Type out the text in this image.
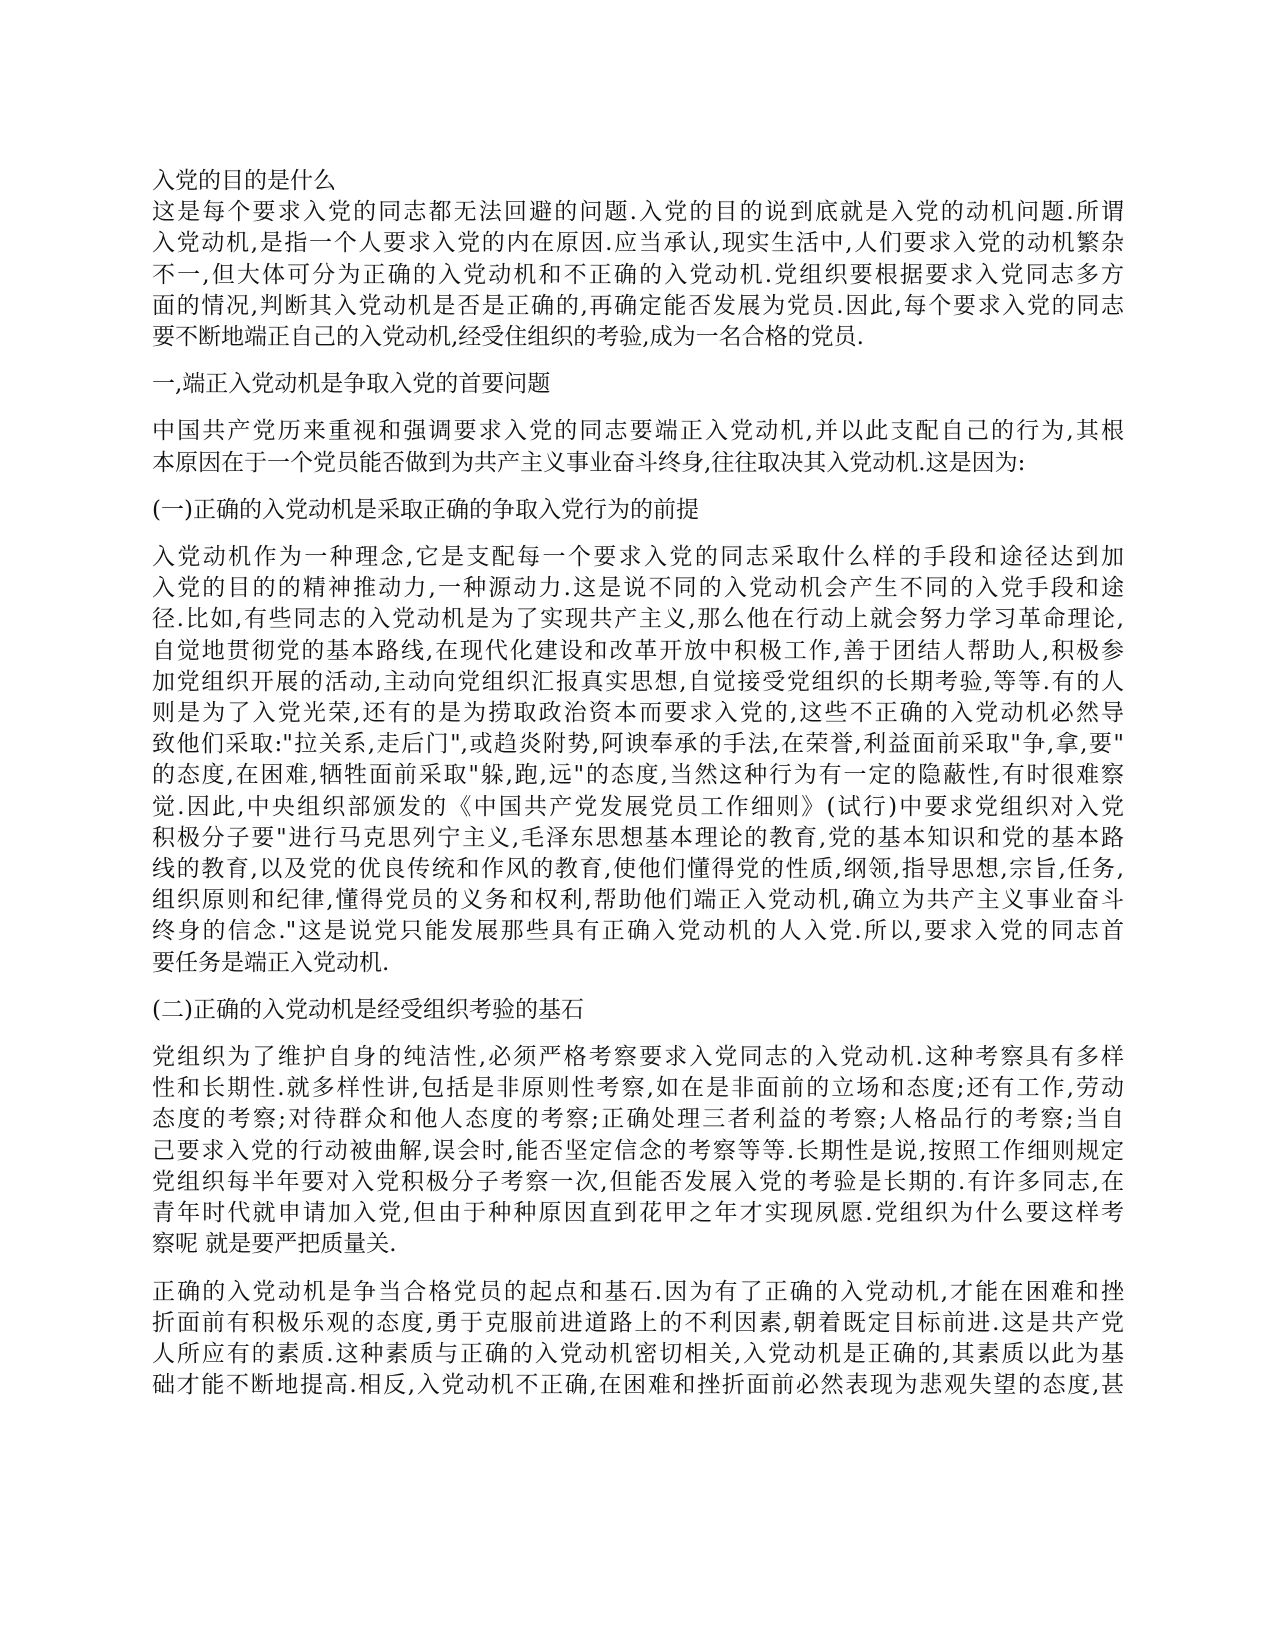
入党的目的是什么
这是每个要求入党的同志都无法回避的问题.入党的目的说到底就是入党的动机问题.所谓
入党动机,是指一个人要求入党的内在原因.应当承认,现实生活中,人们要求入党的动机繁杂
不一,但大体可分为正确的入党动机和不正确的入党动机.党组织要根据要求入党同志多方
面的情况,判断其入党动机是否是正确的,再确定能否发展为党员.因此,每个要求入党的同志
要不断地端正自己的入党动机,经受住组织的考验,成为一名合格的党员.
一,端正入党动机是争取入党的首要问题
中国共产党历来重视和强调要求入党的同志要端正入党动机,并以此支配自己的行为,其根
本原因在于一个党员能否做到为共产主义事业奋斗终身,往往取决其入党动机.这是因为:
(一)正确的入党动机是采取正确的争取入党行为的前提
入党动机作为一种理念,它是支配每一个要求入党的同志采取什么样的手段和途径达到加
入党的目的的精神推动力,一种源动力.这是说不同的入党动机会产生不同的入党手段和途
径.比如,有些同志的入党动机是为了实现共产主义,那么他在行动上就会努力学习革命理论,
自觉地贯彻党的基本路线,在现代化建设和改革开放中积极工作,善于团结人帮助人,积极参
加党组织开展的活动,主动向党组织汇报真实思想,自觉接受党组织的长期考验,等等.有的人
则是为了入党光荣,还有的是为捞取政治资本而要求入党的,这些不正确的入党动机必然导
致他们采取:"拉关系,走后门",或趋炎附势,阿谀奉承的手法,在荣誉,利益面前采取"争,拿,要"
的态度,在困难,牺牲面前采取"躲,跑,远"的态度,当然这种行为有一定的隐蔽性,有时很难察
觉.因此,中央组织部颁发的《中国共产党发展党员工作细则》(试行)中要求党组织对入党
积极分子要"进行马克思列宁主义,毛泽东思想基本理论的教育,党的基本知识和党的基本路
线的教育,以及党的优良传统和作风的教育,使他们懂得党的性质,纲领,指导思想,宗旨,任务,
组织原则和纪律,懂得党员的义务和权利,帮助他们端正入党动机,确立为共产主义事业奋斗
终身的信念."这是说党只能发展那些具有正确入党动机的人入党.所以,要求入党的同志首
要任务是端正入党动机.
(二)正确的入党动机是经受组织考验的基石
党组织为了维护自身的纯洁性,必须严格考察要求入党同志的入党动机.这种考察具有多样
性和长期性.就多样性讲,包括是非原则性考察,如在是非面前的立场和态度;还有工作,劳动
态度的考察;对待群众和他人态度的考察;正确处理三者利益的考察;人格品行的考察;当自
己要求入党的行动被曲解,误会时,能否坚定信念的考察等等.长期性是说,按照工作细则规定
党组织每半年要对入党积极分子考察一次,但能否发展入党的考验是长期的.有许多同志,在
青年时代就申请加入党,但由于种种原因直到花甲之年才实现夙愿.党组织为什么要这样考
察呢 就是要严把质量关.
正确的入党动机是争当合格党员的起点和基石.因为有了正确的入党动机,才能在困难和挫
折面前有积极乐观的态度,勇于克服前进道路上的不利因素,朝着既定目标前进.这是共产党
人所应有的素质.这种素质与正确的入党动机密切相关,入党动机是正确的,其素质以此为基
础才能不断地提高.相反,入党动机不正确,在困难和挫折面前必然表现为悲观失望的态度,甚
